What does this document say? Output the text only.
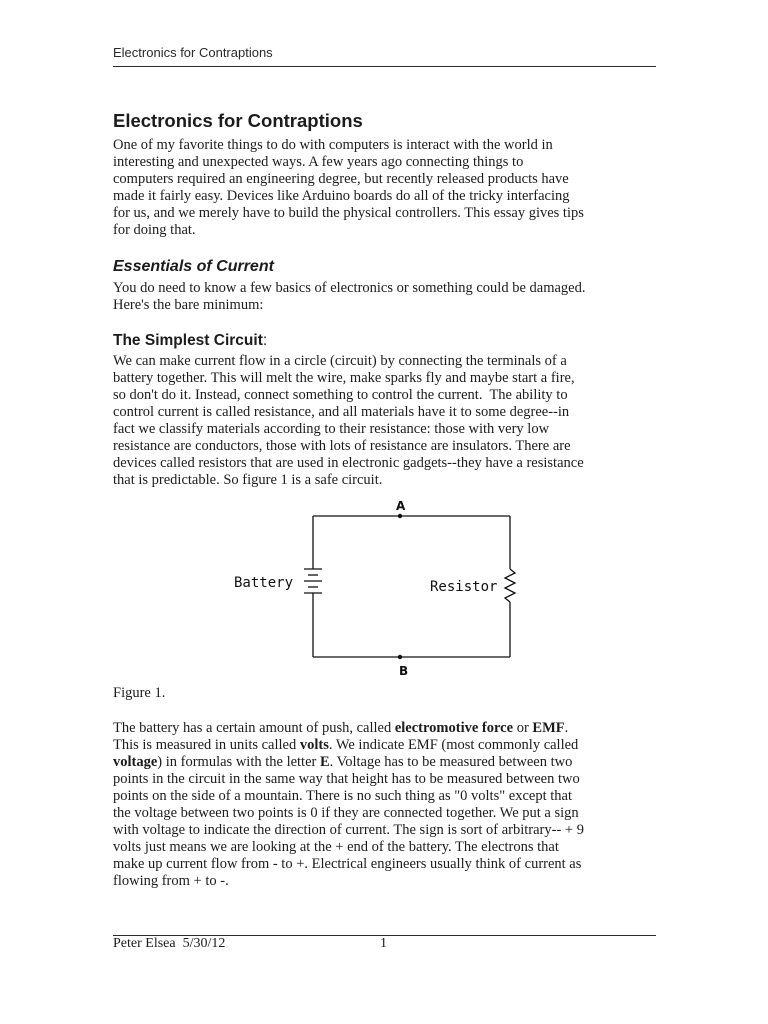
Electronics for Contraptions
Electronics for Contraptions
One of my favorite things to do with computers is interact with the world in
interesting and unexpected ways. A few years ago connecting things to
computers required an engineering degree, but recently released products have
made it fairly easy. Devices like Arduino boards do all of the tricky interfacing
for us, and we merely have to build the physical controllers. This essay gives tips
for doing that.
Essentials of Current
You do need to know a few basics of electronics or something could be damaged.
Here's the bare minimum:
The Simplest Circuit:
We can make current flow in a circle (circuit) by connecting the terminals of a
battery together. This will melt the wire, make sparks fly and maybe start a fire,
so don't do it. Instead, connect something to control the current.  The ability to
control current is called resistance, and all materials have it to some degree--in
fact we classify materials according to their resistance: those with very low
resistance are conductors, those with lots of resistance are insulators. There are
devices called resistors that are used in electronic gadgets--they have a resistance
that is predictable. So figure 1 is a safe circuit.
A
B
Battery	Resistor
Figure 1.
The battery has a certain amount of push, called electromotive force or EMF.
This is measured in units called volts. We indicate EMF (most commonly called
voltage) in formulas with the letter E. Voltage has to be measured between two
points in the circuit in the same way that height has to be measured between two
points on the side of a mountain. There is no such thing as "0 volts" except that
the voltage between two points is 0 if they are connected together. We put a sign
with voltage to indicate the direction of current. The sign is sort of arbitrary-- + 9
volts just means we are looking at the + end of the battery. The electrons that
make up current flow from - to +. Electrical engineers usually think of current as
flowing from + to -.
Peter Elsea  5/30/12	1
